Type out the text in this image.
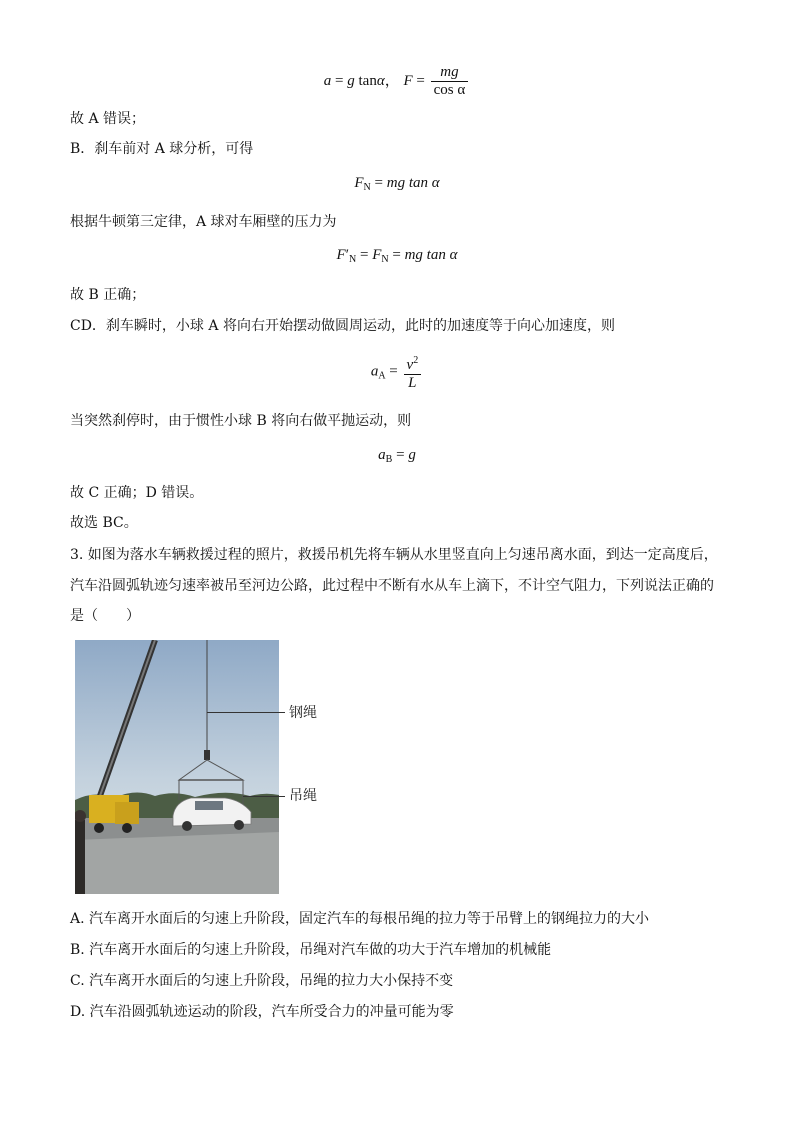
a = g tanα， $F = \frac{mg}{\text{cos α}}$
故 A 错误；
B．刹车前对 A 球分析，可得
$F_N$ = mg tan α
根据牛顿第三定律，A 球对车厢壁的压力为
$F'_N = F_N$ = mg tan α
故 B 正确；
CD．刹车瞬时，小球 A 将向右开始摆动做圆周运动，此时的加速度等于向心加速度，则
$a_A = \frac{v^2}{L}$
当突然刹停时，由于惯性小球 B 将向右做平抛运动，则
$a_B = g$
故 C 正确；D 错误。
故选 BC。
3. 如图为落水车辆救援过程的照片，救援吊机先将车辆从水里竖直向上匀速吊离水面，到达一定高度后，
汽车沿圆弧轨迹匀速率被吊至河边公路，此过程中不断有水从车上滴下，不计空气阻力，下列说法正确的
是（　　）
钢绳
吊绳
A. 汽车离开水面后的匀速上升阶段，固定汽车的每根吊绳的拉力等于吊臂上的钢绳拉力的大小
B. 汽车离开水面后的匀速上升阶段，吊绳对汽车做的功大于汽车增加的机械能
C. 汽车离开水面后的匀速上升阶段，吊绳的拉力大小保持不变
D. 汽车沿圆弧轨迹运动的阶段，汽车所受合力的冲量可能为零
